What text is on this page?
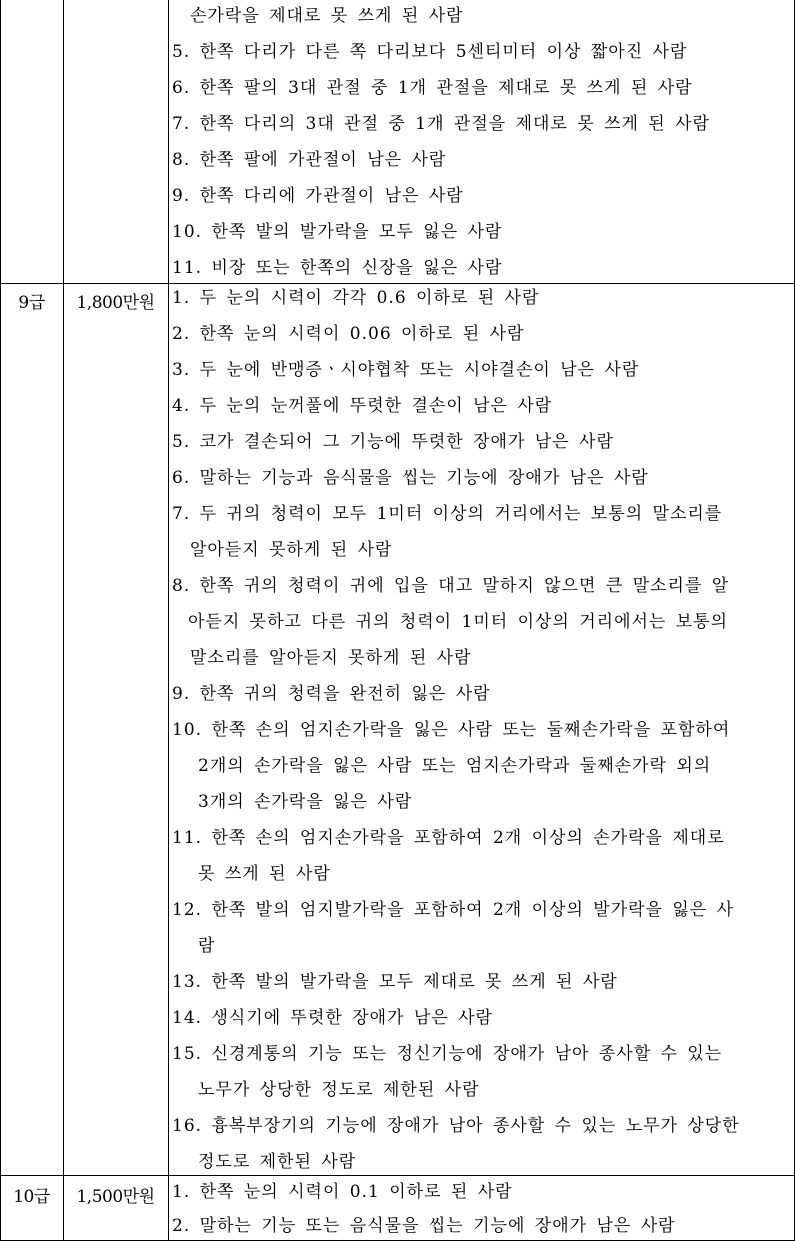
손가락을 제대로 못 쓰게 된 사람
5. 한쪽 다리가 다른 쪽 다리보다 5센티미터 이상 짧아진 사람
6. 한쪽 팔의 3대 관절 중 1개 관절을 제대로 못 쓰게 된 사람
7. 한쪽 다리의 3대 관절 중 1개 관절을 제대로 못 쓰게 된 사람
8. 한쪽 팔에 가관절이 남은 사람
9. 한쪽 다리에 가관절이 남은 사람
10. 한쪽 발의 발가락을 모두 잃은 사람
11. 비장 또는 한쪽의 신장을 잃은 사람
9급	1,800만원	1. 두 눈의 시력이 각각 0.6 이하로 된 사람
2. 한쪽 눈의 시력이 0.06 이하로 된 사람
3. 두 눈에 반맹증ㆍ시야협착 또는 시야결손이 남은 사람
4. 두 눈의 눈꺼풀에 뚜렷한 결손이 남은 사람
5. 코가 결손되어 그 기능에 뚜렷한 장애가 남은 사람
6. 말하는 기능과 음식물을 씹는 기능에 장애가 남은 사람
7. 두 귀의 청력이 모두 1미터 이상의 거리에서는 보통의 말소리를
알아듣지 못하게 된 사람
8. 한쪽 귀의 청력이 귀에 입을 대고 말하지 않으면 큰 말소리를 알
아듣지 못하고 다른 귀의 청력이 1미터 이상의 거리에서는 보통의
말소리를 알아듣지 못하게 된 사람
9. 한쪽 귀의 청력을 완전히 잃은 사람
10. 한쪽 손의 엄지손가락을 잃은 사람 또는 둘째손가락을 포함하여
2개의 손가락을 잃은 사람 또는 엄지손가락과 둘째손가락 외의
3개의 손가락을 잃은 사람
11. 한쪽 손의 엄지손가락을 포함하여 2개 이상의 손가락을 제대로
못 쓰게 된 사람
12. 한쪽 발의 엄지발가락을 포함하여 2개 이상의 발가락을 잃은 사
람
13. 한쪽 발의 발가락을 모두 제대로 못 쓰게 된 사람
14. 생식기에 뚜렷한 장애가 남은 사람
15. 신경계통의 기능 또는 정신기능에 장애가 남아 종사할 수 있는
노무가 상당한 정도로 제한된 사람
16. 흉복부장기의 기능에 장애가 남아 종사할 수 있는 노무가 상당한
정도로 제한된 사람
10급	1,500만원	1. 한쪽 눈의 시력이 0.1 이하로 된 사람
2. 말하는 기능 또는 음식물을 씹는 기능에 장애가 남은 사람
